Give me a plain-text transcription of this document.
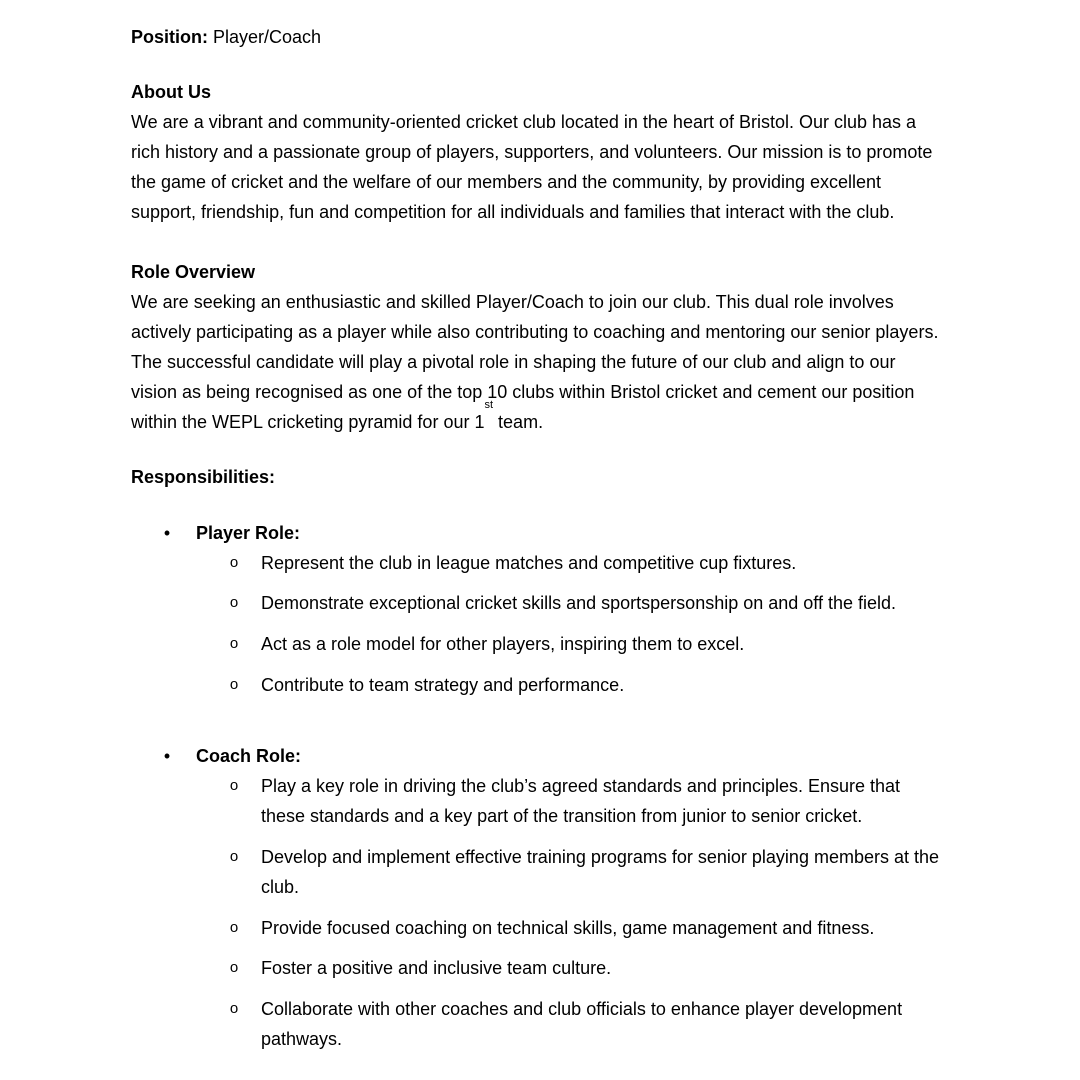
Position: Player/Coach
About Us
We are a vibrant and community-oriented cricket club located in the heart of Bristol. Our club has a
rich history and a passionate group of players, supporters, and volunteers. Our mission is to promote
the game of cricket and the welfare of our members and the community, by providing excellent
support, friendship, fun and competition for all individuals and families that interact with the club.
Role Overview
We are seeking an enthusiastic and skilled Player/Coach to join our club. This dual role involves
actively participating as a player while also contributing to coaching and mentoring our senior players.
The successful candidate will play a pivotal role in shaping the future of our club and align to our
vision as being recognised as one of the top 10 clubs within Bristol cricket and cement our position
within the WEPL cricketing pyramid for our 1st team.
Responsibilities:
• Player Role:
o Represent the club in league matches and competitive cup fixtures.
o Demonstrate exceptional cricket skills and sportspersonship on and off the field.
o Act as a role model for other players, inspiring them to excel.
o Contribute to team strategy and performance.
• Coach Role:
o Play a key role in driving the club’s agreed standards and principles. Ensure that
these standards and a key part of the transition from junior to senior cricket.
o Develop and implement effective training programs for senior playing members at the
club.
o Provide focused coaching on technical skills, game management and fitness.
o Foster a positive and inclusive team culture.
o Collaborate with other coaches and club officials to enhance player development
pathways.
